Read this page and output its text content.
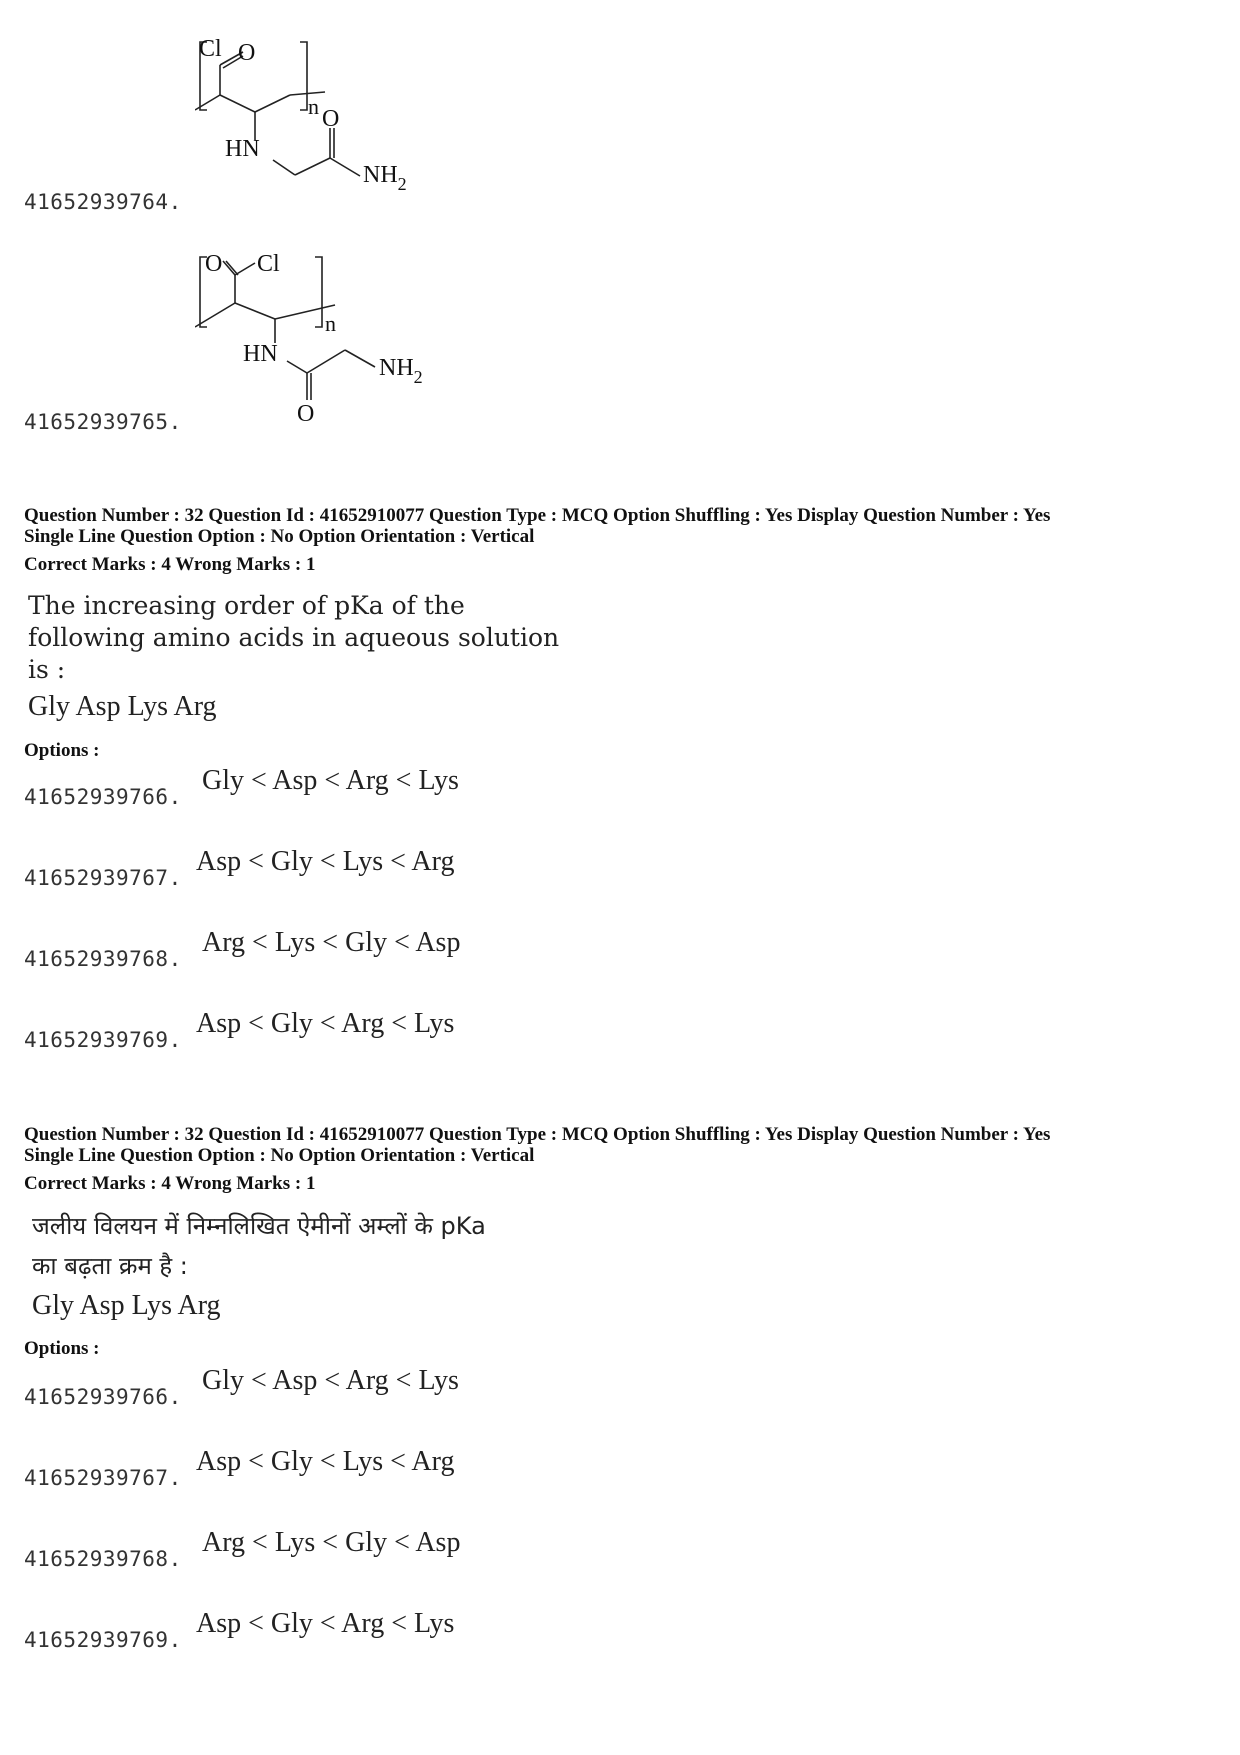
Cl O
n
HN
O
$NH_2$
41652939764.
O Cl
n
HN
O
$NH_2$
41652939765.
Question Number : 32 Question Id : 41652910077 Question Type : MCQ Option Shuffling : Yes Display Question Number : Yes
Single Line Question Option : No Option Orientation : Vertical
Correct Marks : 4 Wrong Marks : 1
The increasing order of pKa of the
following amino acids in aqueous solution
is :
Gly Asp Lys Arg
Options :
41652939766.
Gly < Asp < Arg < Lys
41652939767.
Asp < Gly < Lys < Arg
41652939768.
Arg < Lys < Gly < Asp
41652939769.
Asp < Gly < Arg < Lys
Question Number : 32 Question Id : 41652910077 Question Type : MCQ Option Shuffling : Yes Display Question Number : Yes
Single Line Question Option : No Option Orientation : Vertical
Correct Marks : 4 Wrong Marks : 1
जलीय विलयन में निम्नलिखित ऐमीनों अम्लों के pKa
का बढ़ता क्रम है :
Gly Asp Lys Arg
Options :
41652939766.
Gly < Asp < Arg < Lys
41652939767.
Asp < Gly < Lys < Arg
41652939768.
Arg < Lys < Gly < Asp
41652939769.
Asp < Gly < Arg < Lys
